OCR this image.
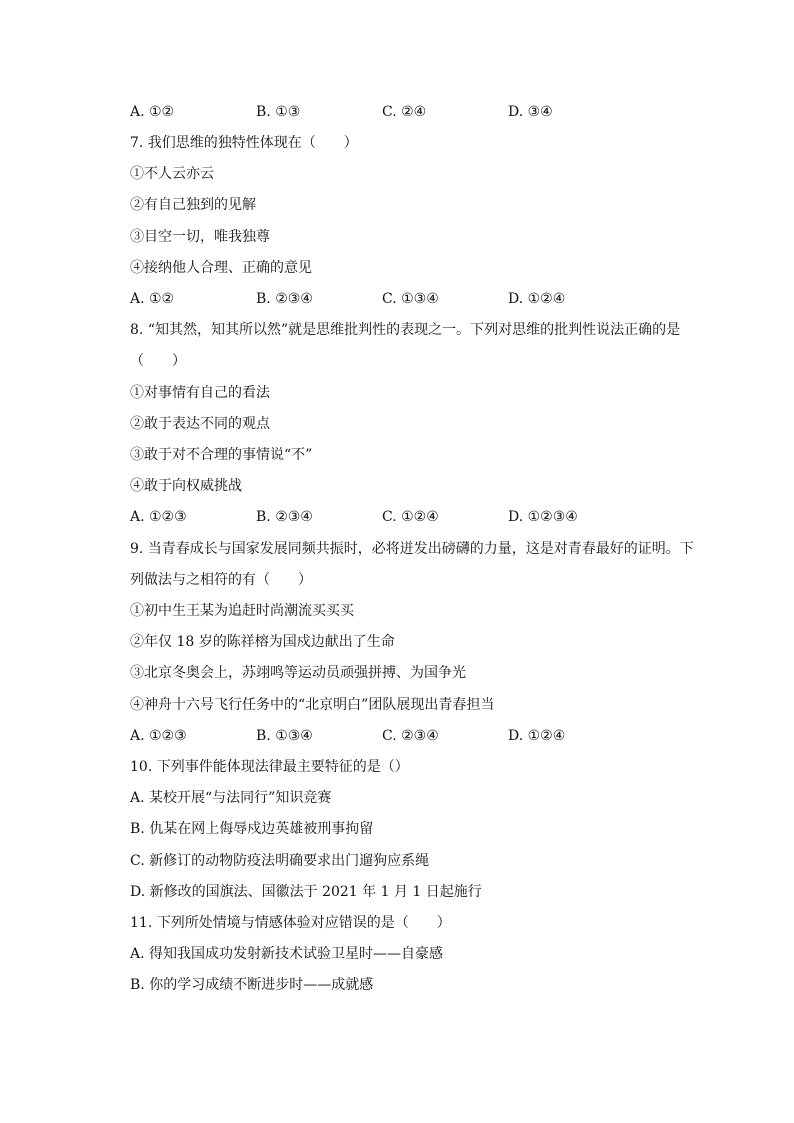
A. ①②	B. ①③	C. ②④	D. ③④
7. 我们思维的独特性体现在（　　）
①不人云亦云
②有自己独到的见解
③目空一切，唯我独尊
④接纳他人合理、正确的意见
A. ①②	B. ②③④	C. ①③④	D. ①②④
8. “知其然，知其所以然”就是思维批判性的表现之一。下列对思维的批判性说法正确的是
（　　）
①对事情有自己的看法
②敢于表达不同的观点
③敢于对不合理的事情说“不”
④敢于向权威挑战
A. ①②③	B. ②③④	C. ①②④	D. ①②③④
9. 当青春成长与国家发展同频共振时，必将迸发出磅礴的力量，这是对青春最好的证明。下
列做法与之相符的有（　　）
①初中生王某为追赶时尚潮流买买买
②年仅 18 岁的陈祥榕为国戍边献出了生命
③北京冬奥会上，苏翊鸣等运动员顽强拼搏、为国争光
④神舟十六号飞行任务中的“北京明白”团队展现出青春担当
A. ①②③	B. ①③④	C. ②③④	D. ①②④
10. 下列事件能体现法律最主要特征的是（）
A. 某校开展“与法同行”知识竞赛
B. 仇某在网上侮辱戍边英雄被刑事拘留
C. 新修订的动物防疫法明确要求出门遛狗应系绳
D. 新修改的国旗法、国徽法于 2021 年 1 月 1 日起施行
11. 下列所处情境与情感体验对应错误的是（　　）
A. 得知我国成功发射新技术试验卫星时——自豪感
B. 你的学习成绩不断进步时——成就感
